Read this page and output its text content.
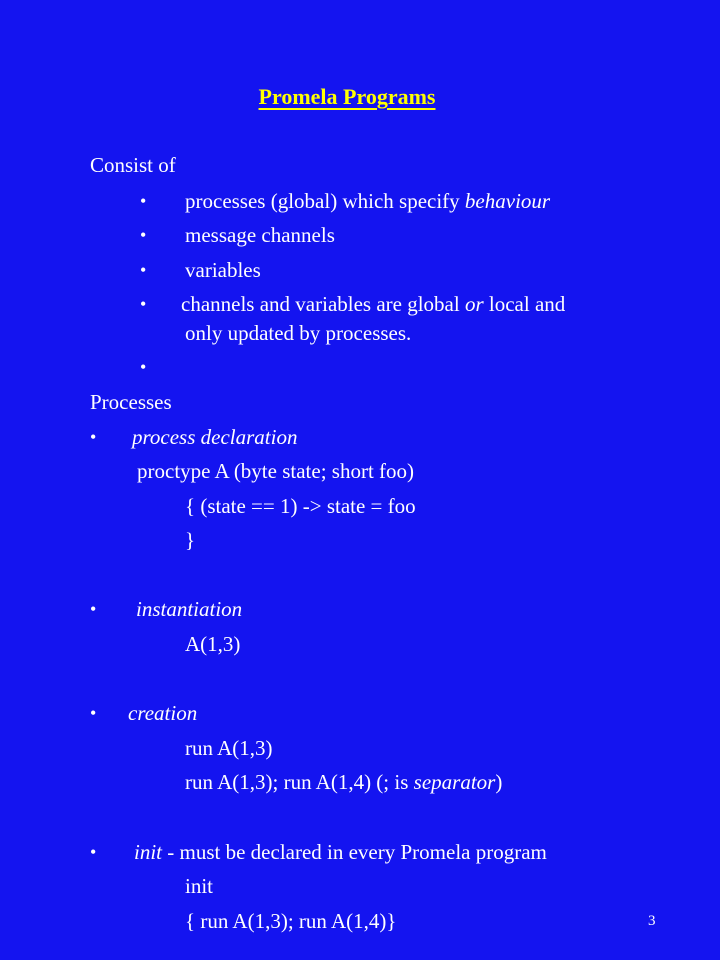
Promela Programs
Consist of
• processes (global) which specify behaviour
• message channels
• variables
• channels and variables are global or local and
only updated by processes.
•
Processes
• process declaration
proctype A (byte state; short foo)
{ (state == 1) -> state = foo
}
• instantiation
A(1,3)
• creation
run A(1,3)
run A(1,3); run A(1,4) (; is separator)
• init - must be declared in every Promela program
init
{ run A(1,3); run A(1,4)}	3
